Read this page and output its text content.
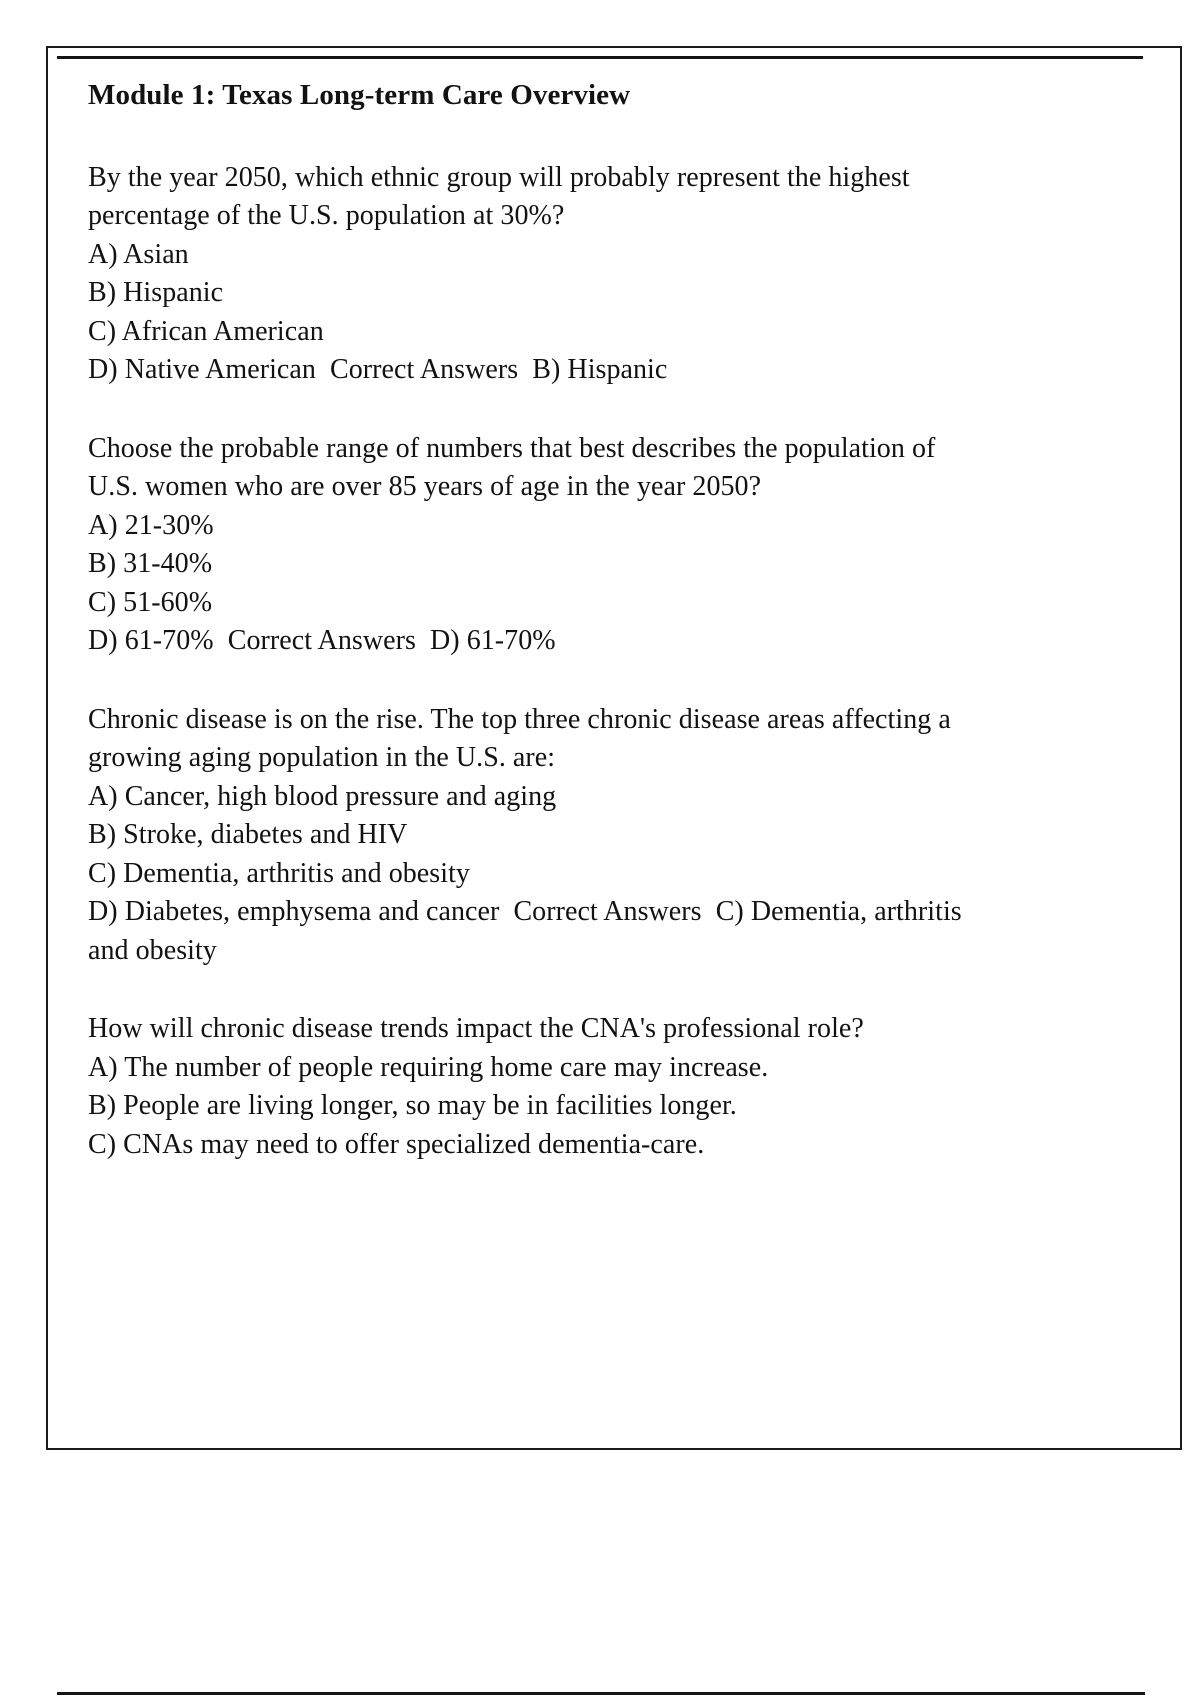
Module 1: Texas Long-term Care Overview

By the year 2050, which ethnic group will probably represent the highest percentage of the U.S. population at 30%?

A) Asian

B) Hispanic

C) African American

D) Native American  Correct Answers  B) Hispanic

Choose the probable range of numbers that best describes the population of U.S. women who are over 85 years of age in the year 2050?

A) 21-30%

B) 31-40%

C) 51-60%

D) 61-70%  Correct Answers  D) 61-70%

Chronic disease is on the rise. The top three chronic disease areas affecting a growing aging population in the U.S. are:

A) Cancer, high blood pressure and aging

B) Stroke, diabetes and HIV

C) Dementia, arthritis and obesity

D) Diabetes, emphysema and cancer  Correct Answers  C) Dementia, arthritis and obesity

How will chronic disease trends impact the CNA's professional role?

A) The number of people requiring home care may increase.

B) People are living longer, so may be in facilities longer.

C) CNAs may need to offer specialized dementia-care.
